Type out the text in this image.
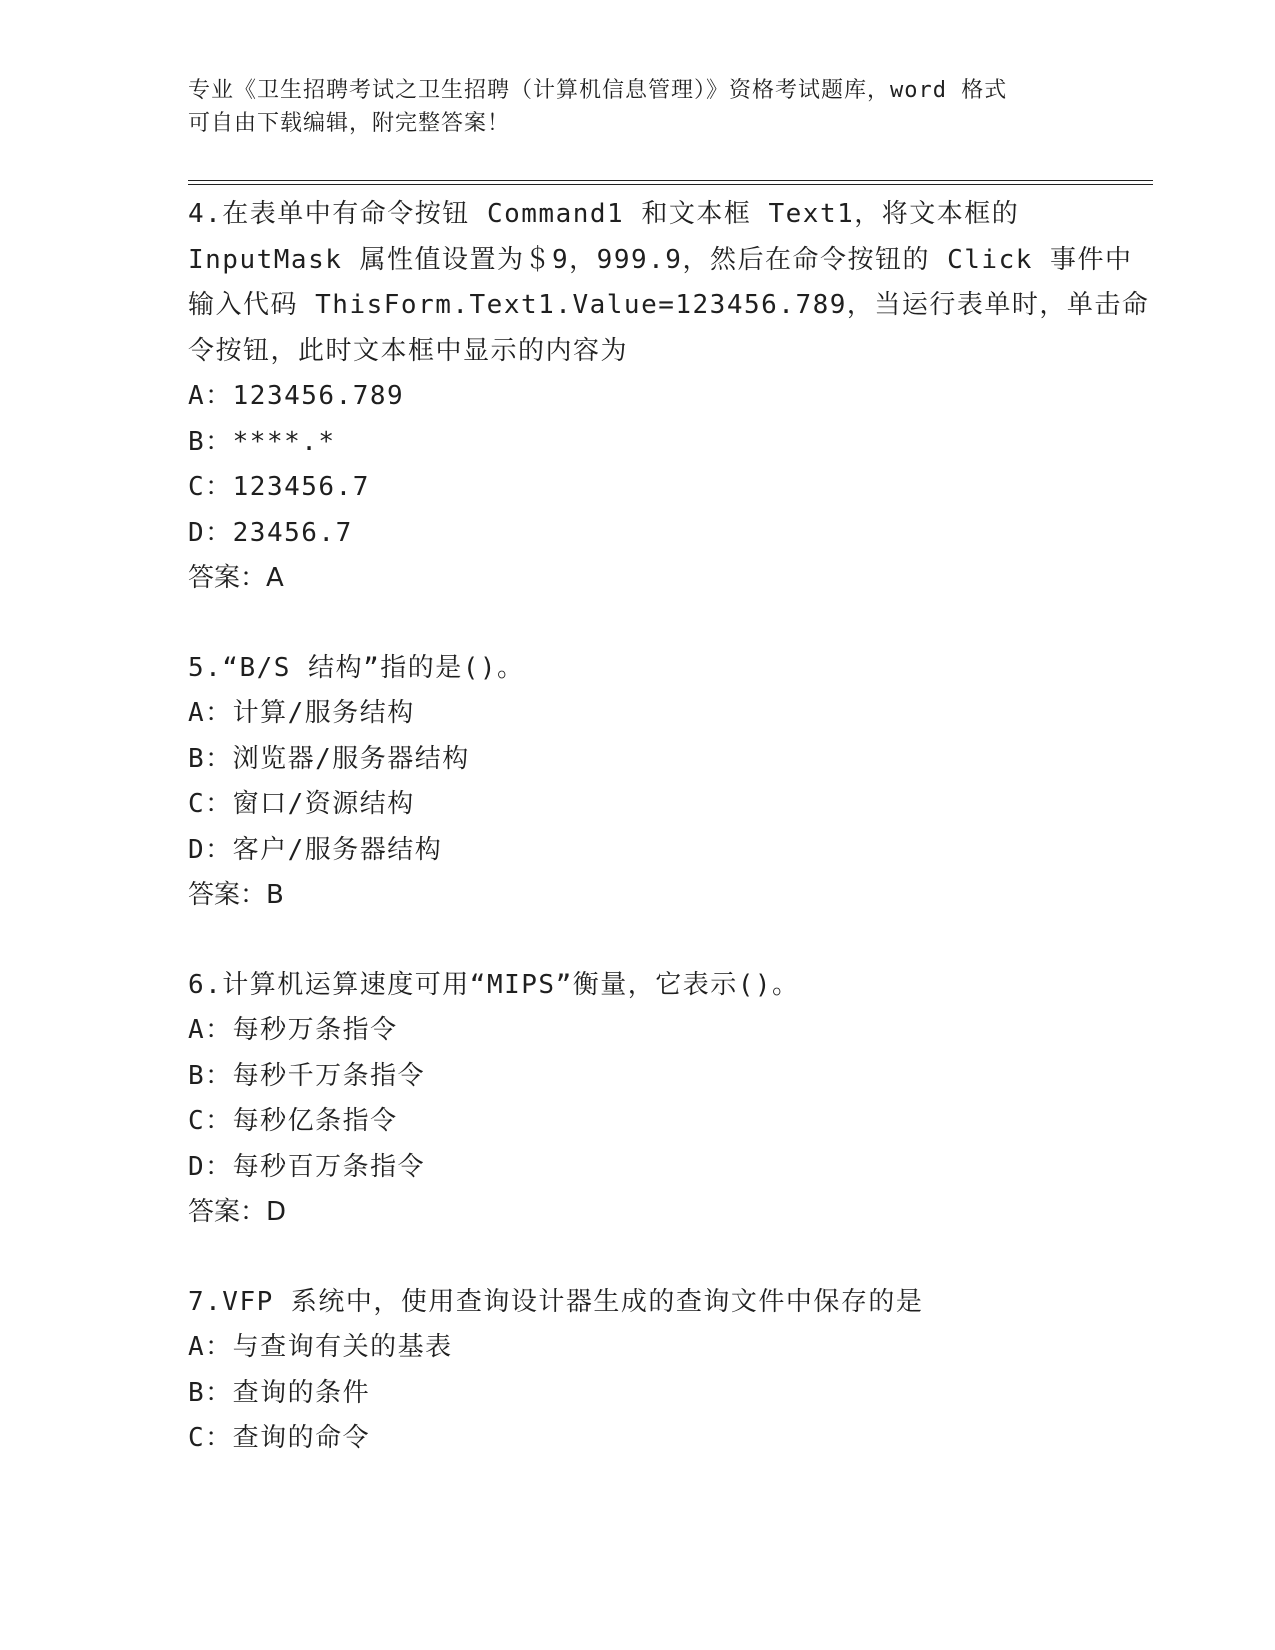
专业《卫生招聘考试之卫生招聘（计算机信息管理）》资格考试题库，word 格式
可自由下载编辑，附完整答案！
4.在表单中有命令按钮 Command1 和文本框 Text1，将文本框的
InputMask 属性值设置为＄9，999.9，然后在命令按钮的 Click 事件中
输入代码 ThisForm.Text1.Value=123456.789，当运行表单时，单击命
令按钮，此时文本框中显示的内容为
A：123456.789
B：****.*
C：123456.7
D：23456.7
答案：A
5.“B/S 结构”指的是()。
A：计算/服务结构
B：浏览器/服务器结构
C：窗口/资源结构
D：客户/服务器结构
答案：B
6.计算机运算速度可用“MIPS”衡量，它表示()。
A：每秒万条指令
B：每秒千万条指令
C：每秒亿条指令
D：每秒百万条指令
答案：D
7.VFP 系统中，使用查询设计器生成的查询文件中保存的是
A：与查询有关的基表
B：查询的条件
C：查询的命令
